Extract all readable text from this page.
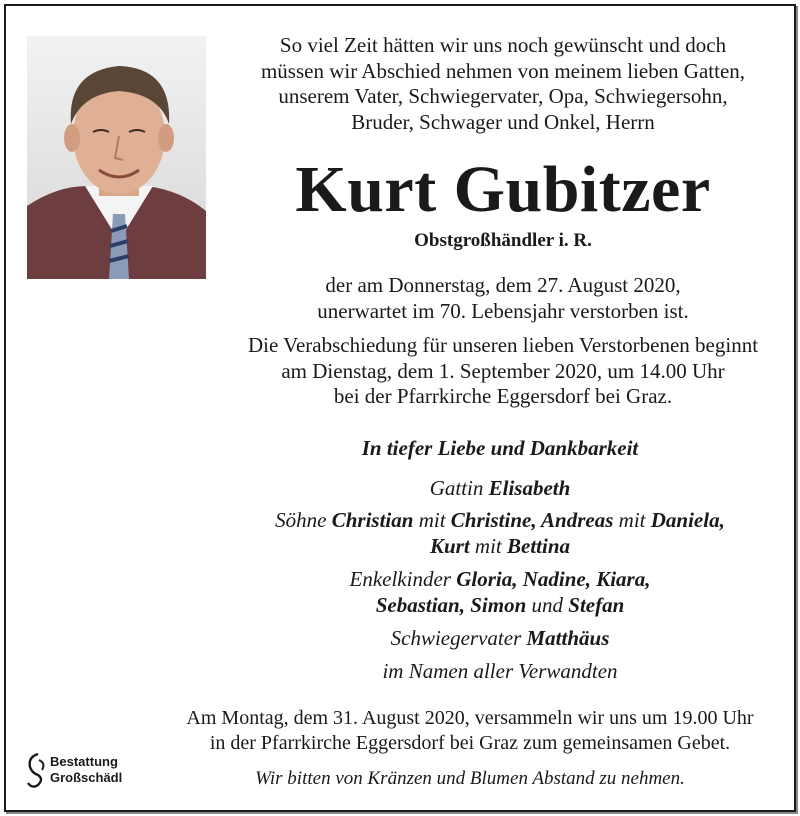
So viel Zeit hätten wir uns noch gewünscht und doch
müssen wir Abschied nehmen von meinem lieben Gatten,
unserem Vater, Schwiegervater, Opa, Schwiegersohn,
Bruder, Schwager und Onkel, Herrn
Kurt Gubitzer
Obstgroßhändler i. R.
der am Donnerstag, dem 27. August 2020,
unerwartet im 70. Lebensjahr verstorben ist.
Die Verabschiedung für unseren lieben Verstorbenen beginnt
am Dienstag, dem 1. September 2020, um 14.00 Uhr
bei der Pfarrkirche Eggersdorf bei Graz.
In tiefer Liebe und Dankbarkeit
Gattin Elisabeth
Söhne Christian mit Christine, Andreas mit Daniela,
Kurt mit Bettina
Enkelkinder Gloria, Nadine, Kiara,
Sebastian, Simon und Stefan
Schwiegervater Matthäus
im Namen aller Verwandten
Am Montag, dem 31. August 2020, versammeln wir uns um 19.00 Uhr
in der Pfarrkirche Eggersdorf bei Graz zum gemeinsamen Gebet.
Wir bitten von Kränzen und Blumen Abstand zu nehmen.
Bestattung
Großschädl
